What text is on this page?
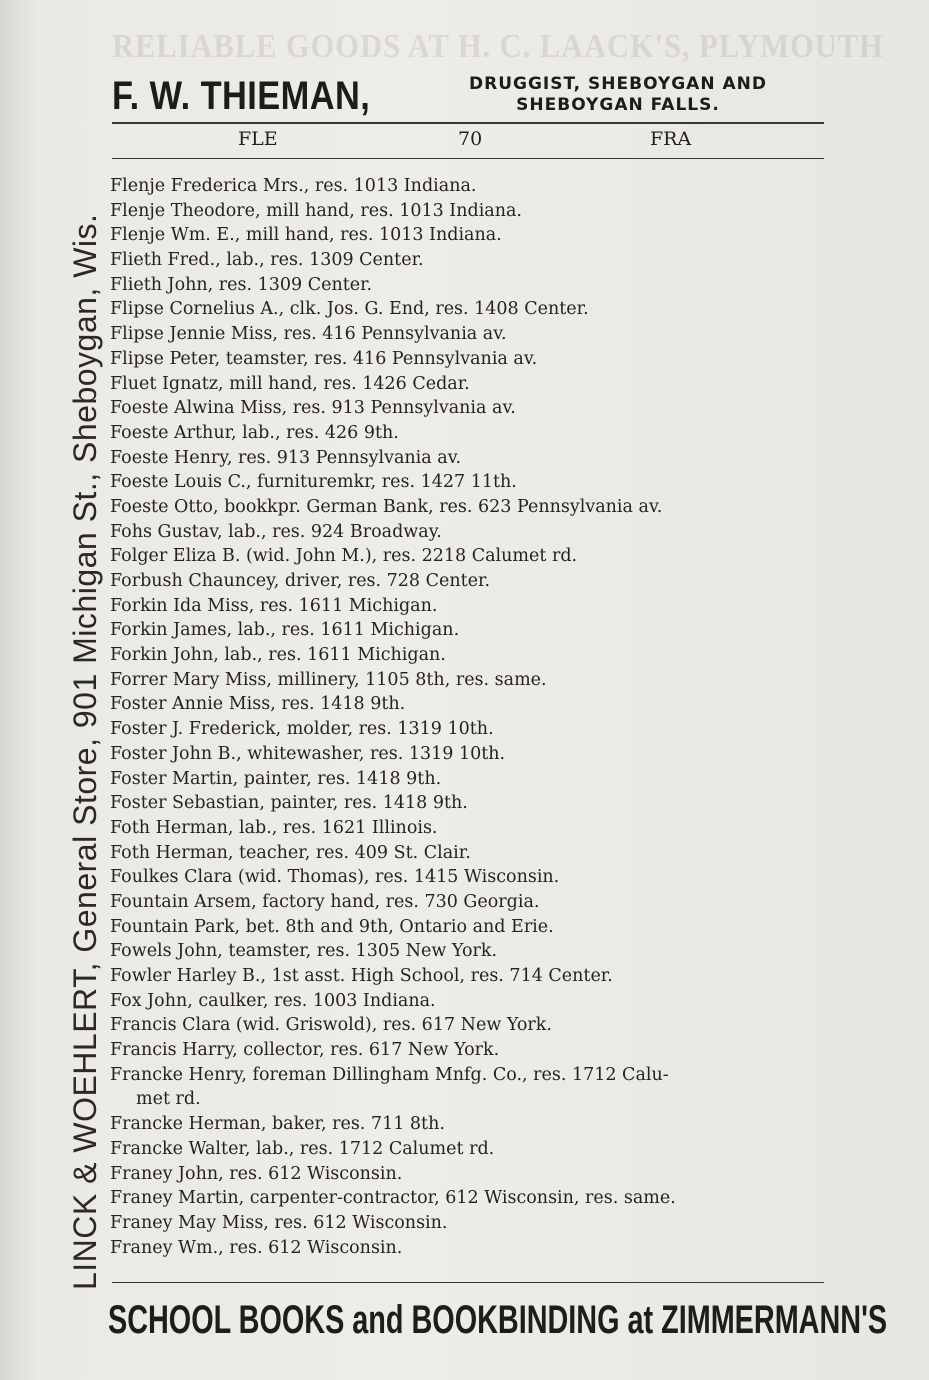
RELIABLE GOODS AT H. C. LAACK'S, PLYMOUTH
LINCK & WOEHLERT, General Store, 901 Michigan St., Sheboygan, Wis.
F. W. THIEMAN,	DRUGGIST, SHEBOYGAN AND
SHEBOYGAN FALLS.
FLE	70	FRA
Flenje Frederica Mrs., res. 1013 Indiana.
Flenje Theodore, mill hand, res. 1013 Indiana.
Flenje Wm. E., mill hand, res. 1013 Indiana.
Flieth Fred., lab., res. 1309 Center.
Flieth John, res. 1309 Center.
Flipse Cornelius A., clk. Jos. G. End, res. 1408 Center.
Flipse Jennie Miss, res. 416 Pennsylvania av.
Flipse Peter, teamster, res. 416 Pennsylvania av.
Fluet Ignatz, mill hand, res. 1426 Cedar.
Foeste Alwina Miss, res. 913 Pennsylvania av.
Foeste Arthur, lab., res. 426 9th.
Foeste Henry, res. 913 Pennsylvania av.
Foeste Louis C., furnituremkr, res. 1427 11th.
Foeste Otto, bookkpr. German Bank, res. 623 Pennsylvania av.
Fohs Gustav, lab., res. 924 Broadway.
Folger Eliza B. (wid. John M.), res. 2218 Calumet rd.
Forbush Chauncey, driver, res. 728 Center.
Forkin Ida Miss, res. 1611 Michigan.
Forkin James, lab., res. 1611 Michigan.
Forkin John, lab., res. 1611 Michigan.
Forrer Mary Miss, millinery, 1105 8th, res. same.
Foster Annie Miss, res. 1418 9th.
Foster J. Frederick, molder, res. 1319 10th.
Foster John B., whitewasher, res. 1319 10th.
Foster Martin, painter, res. 1418 9th.
Foster Sebastian, painter, res. 1418 9th.
Foth Herman, lab., res. 1621 Illinois.
Foth Herman, teacher, res. 409 St. Clair.
Foulkes Clara (wid. Thomas), res. 1415 Wisconsin.
Fountain Arsem, factory hand, res. 730 Georgia.
Fountain Park, bet. 8th and 9th, Ontario and Erie.
Fowels John, teamster, res. 1305 New York.
Fowler Harley B., 1st asst. High School, res. 714 Center.
Fox John, caulker, res. 1003 Indiana.
Francis Clara (wid. Griswold), res. 617 New York.
Francis Harry, collector, res. 617 New York.
Francke Henry, foreman Dillingham Mnfg. Co., res. 1712 Calu-
met rd.
Francke Herman, baker, res. 711 8th.
Francke Walter, lab., res. 1712 Calumet rd.
Franey John, res. 612 Wisconsin.
Franey Martin, carpenter-contractor, 612 Wisconsin, res. same.
Franey May Miss, res. 612 Wisconsin.
Franey Wm., res. 612 Wisconsin.
SCHOOL BOOKS and BOOKBINDING at ZIMMERMANN'S
